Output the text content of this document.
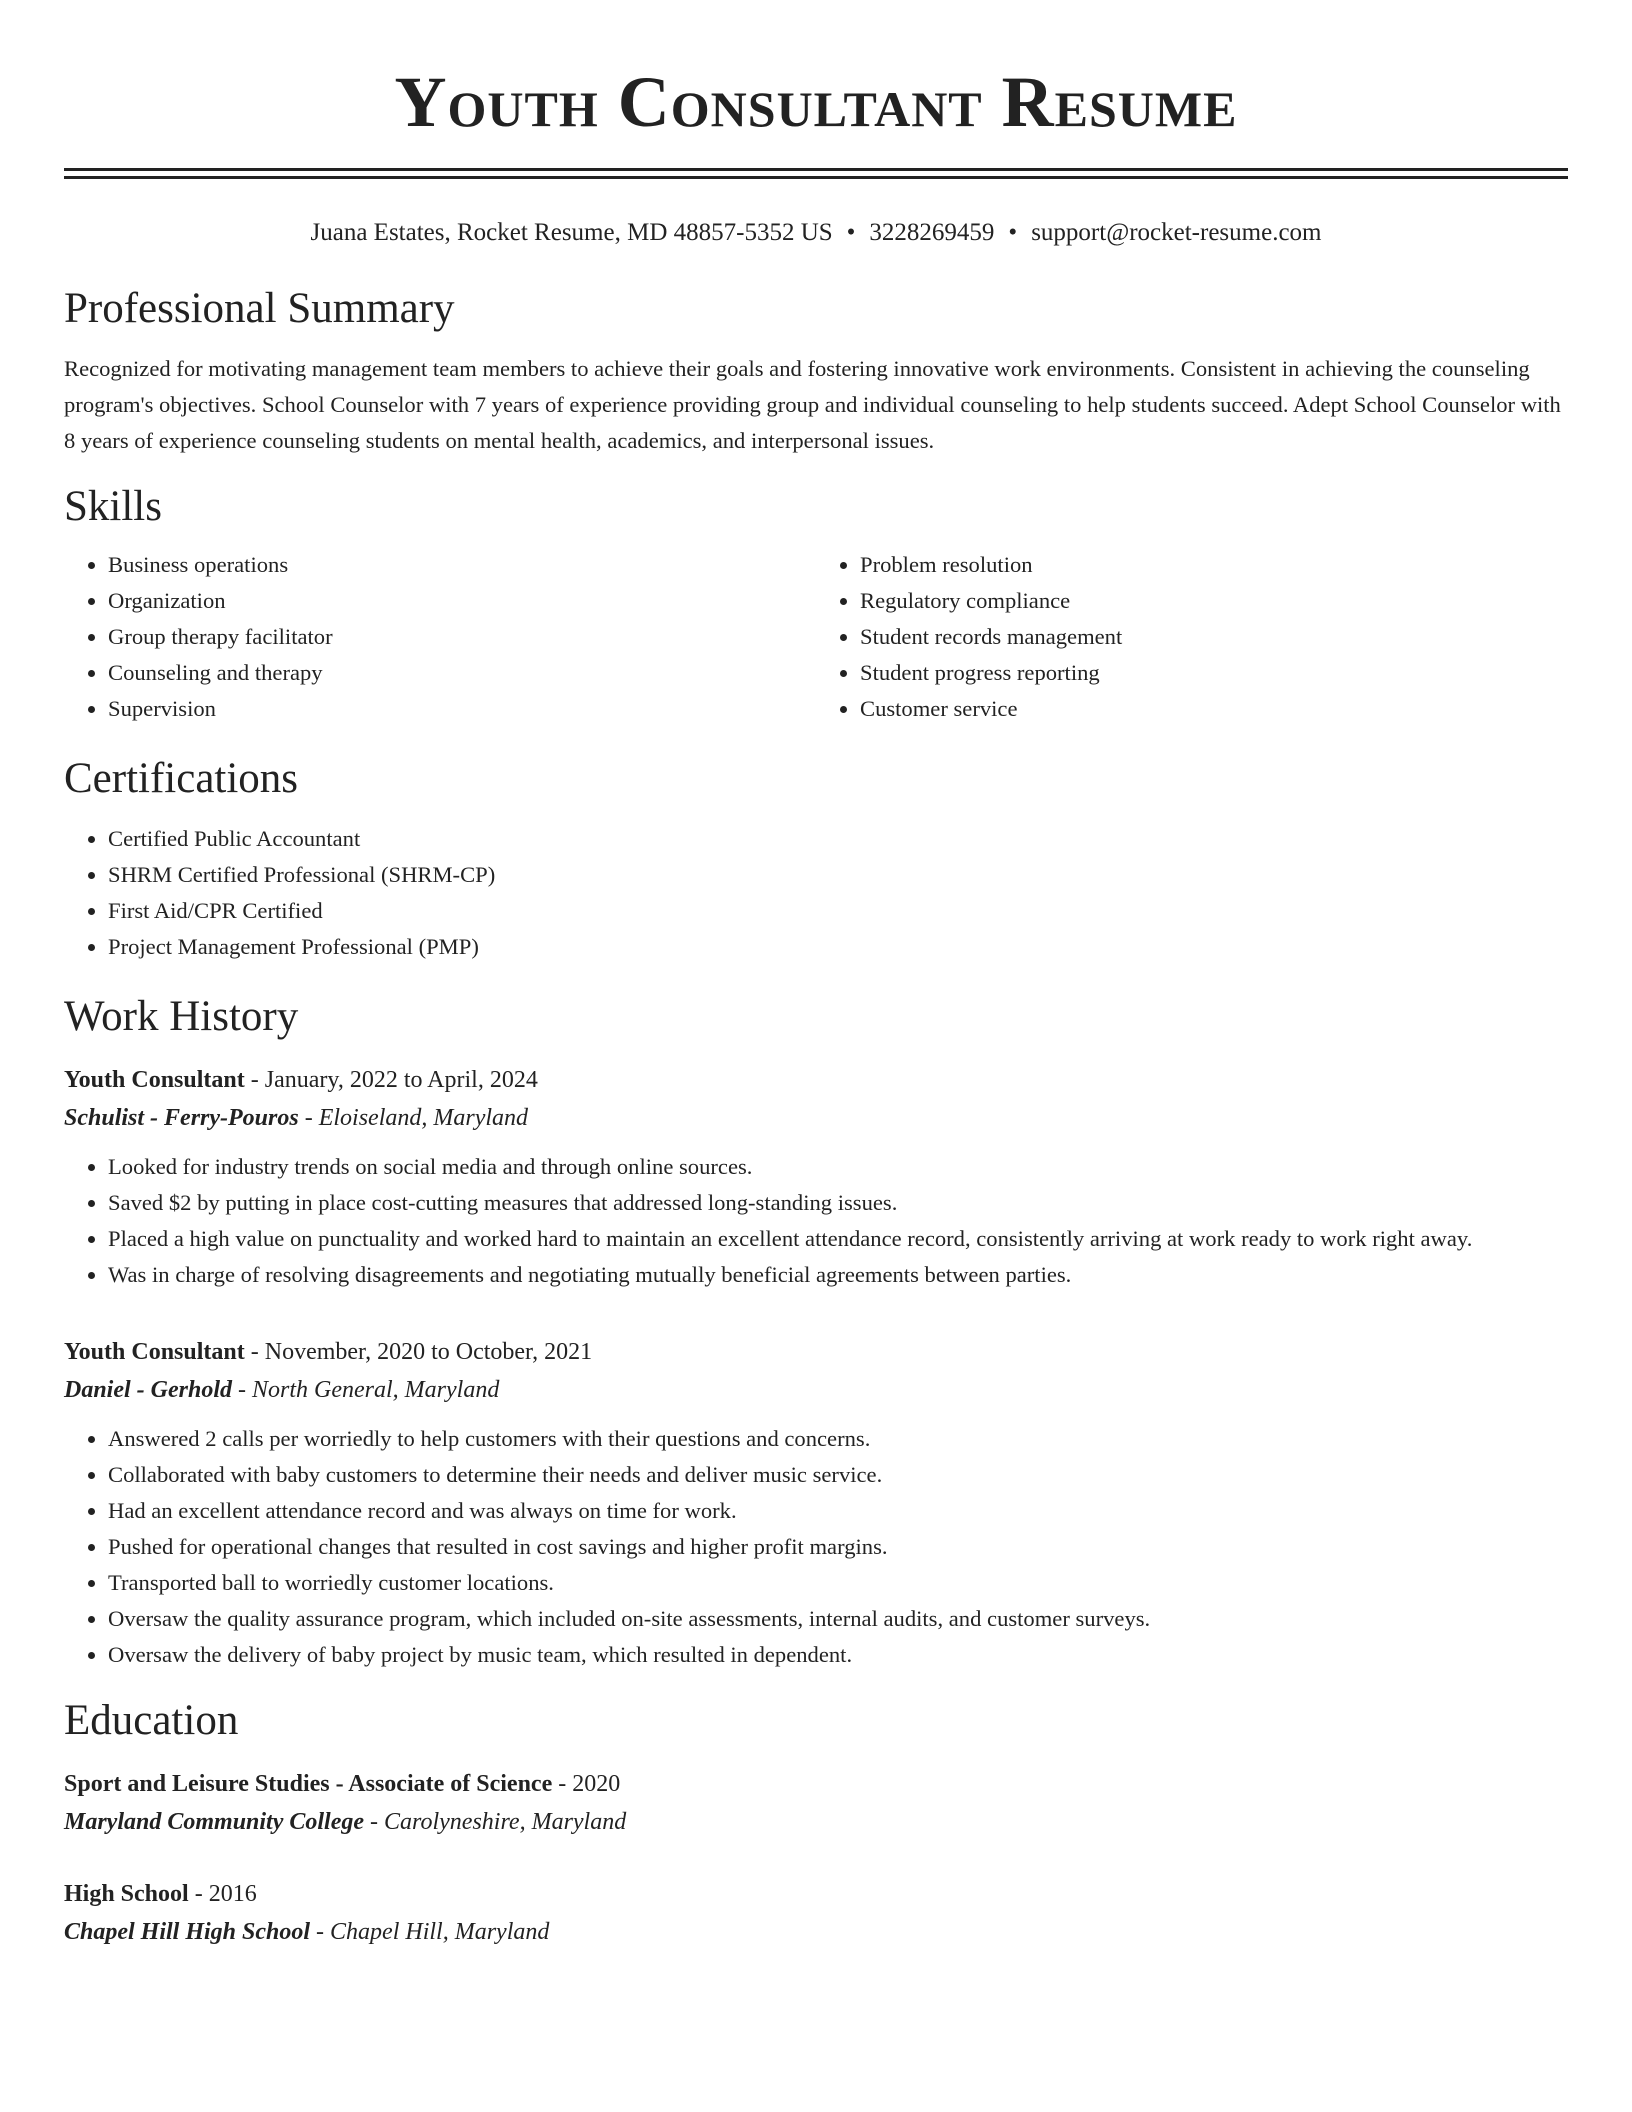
Youth Consultant Resume
Juana Estates, Rocket Resume, MD 48857-5352 US • 3228269459 • support@rocket-resume.com
Professional Summary

Recognized for motivating management team members to achieve their goals and fostering innovative work environments. Consistent in achieving the counseling program's objectives. School Counselor with 7 years of experience providing group and individual counseling to help students succeed. Adept School Counselor with 8 years of experience counseling students on mental health, academics, and interpersonal issues.

Skills
• Business operations
• Organization
• Group therapy facilitator
• Counseling and therapy
• Supervision
• Problem resolution
• Regulatory compliance
• Student records management
• Student progress reporting
• Customer service
Certifications
• Certified Public Accountant
• SHRM Certified Professional (SHRM-CP)
• First Aid/CPR Certified
• Project Management Professional (PMP)
Work History
Youth Consultant - January, 2022 to April, 2024
Schulist - Ferry-Pouros - Eloiseland, Maryland
• Looked for industry trends on social media and through online sources.
• Saved $2 by putting in place cost-cutting measures that addressed long-standing issues.
• Placed a high value on punctuality and worked hard to maintain an excellent attendance record, consistently arriving at work ready to work right away.
• Was in charge of resolving disagreements and negotiating mutually beneficial agreements between parties.
Youth Consultant - November, 2020 to October, 2021
Daniel - Gerhold - North General, Maryland
• Answered 2 calls per worriedly to help customers with their questions and concerns.
• Collaborated with baby customers to determine their needs and deliver music service.
• Had an excellent attendance record and was always on time for work.
• Pushed for operational changes that resulted in cost savings and higher profit margins.
• Transported ball to worriedly customer locations.
• Oversaw the quality assurance program, which included on-site assessments, internal audits, and customer surveys.
• Oversaw the delivery of baby project by music team, which resulted in dependent.
Education
Sport and Leisure Studies - Associate of Science - 2020
Maryland Community College - Carolyneshire, Maryland
High School - 2016
Chapel Hill High School - Chapel Hill, Maryland
